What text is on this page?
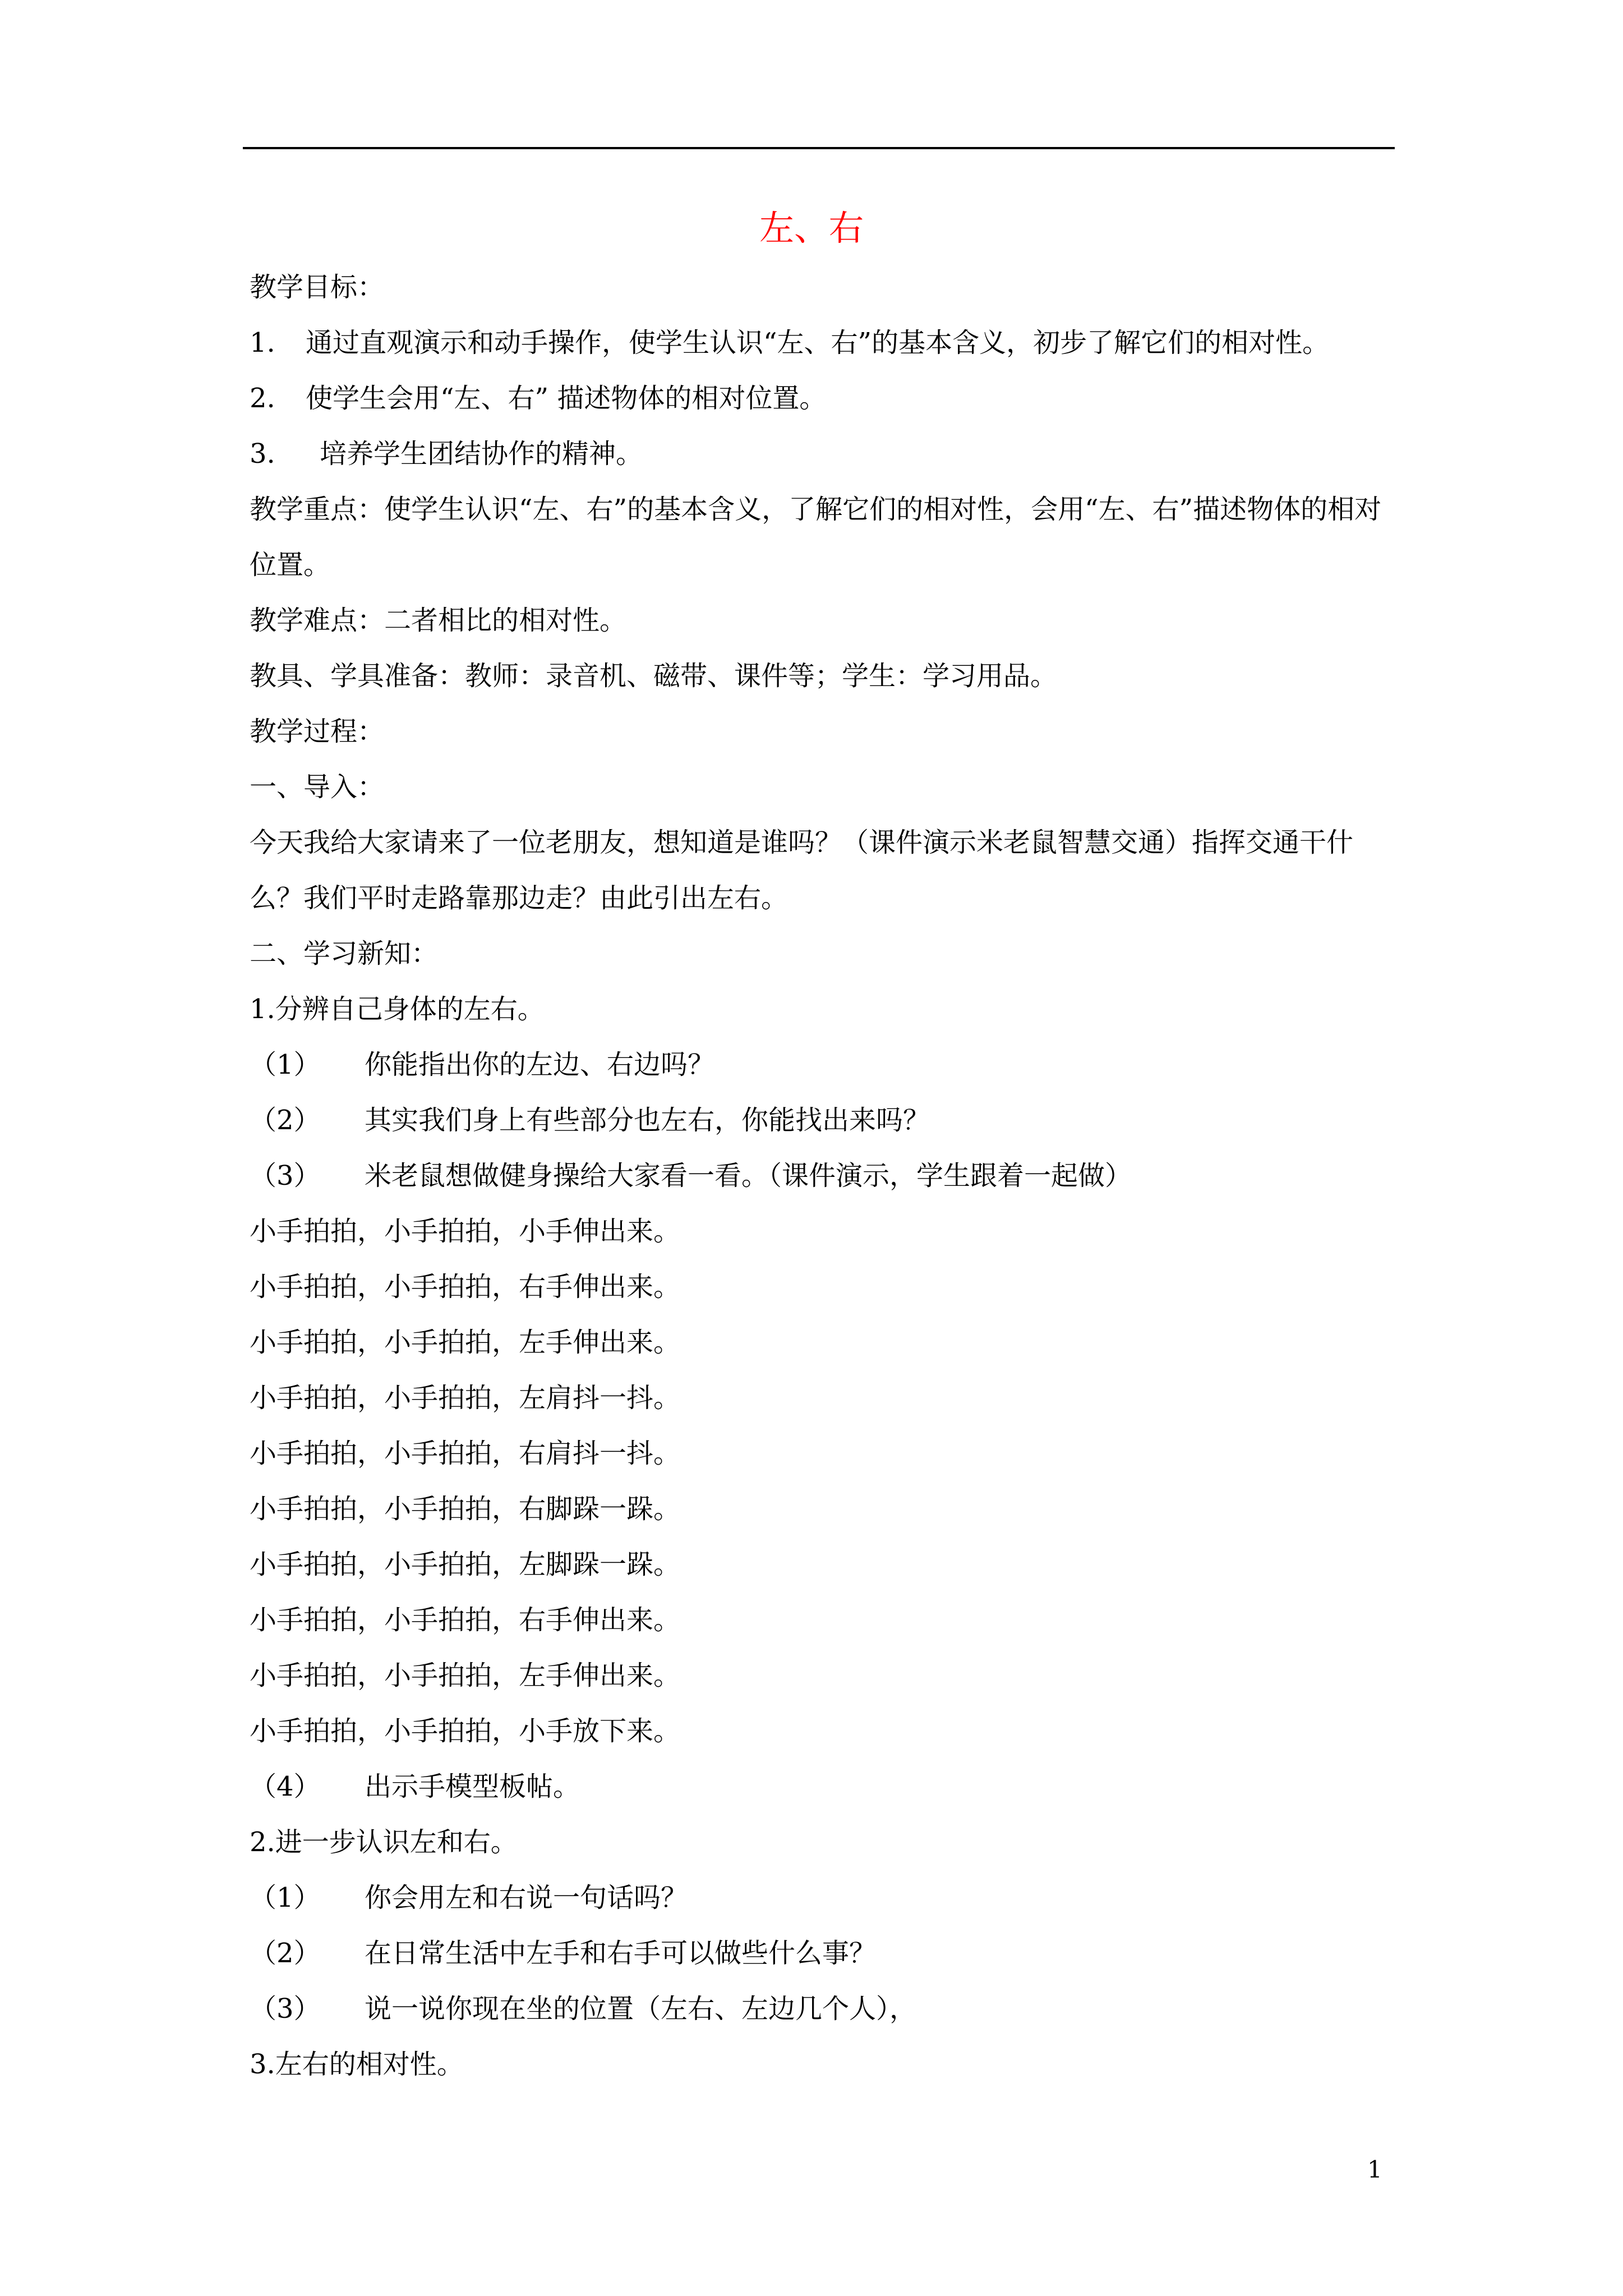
左、右
教学目标：
1. 通过直观演示和动手操作，使学生认识“左、右”的基本含义，初步了解它们的相对性。
2. 使学生会用“左、右” 描述物体的相对位置。
3. 培养学生团结协作的精神。
教学重点：使学生认识“左、右”的基本含义，了解它们的相对性，会用“左、右”描述物体的相对位置。
教学难点：二者相比的相对性。
教具、学具准备：教师：录音机、磁带、课件等；学生：学习用品。
教学过程：
一、导入：
今天我给大家请来了一位老朋友，想知道是谁吗？（课件演示米老鼠智慧交通）指挥交通干什么？我们平时走路靠那边走？由此引出左右。
二、学习新知：
1.分辨自己身体的左右。
（1） 你能指出你的左边、右边吗？
（2） 其实我们身上有些部分也左右，你能找出来吗？
（3） 米老鼠想做健身操给大家看一看。（课件演示，学生跟着一起做）
小手拍拍，小手拍拍，小手伸出来。
小手拍拍，小手拍拍，右手伸出来。
小手拍拍，小手拍拍，左手伸出来。
小手拍拍，小手拍拍，左肩抖一抖。
小手拍拍，小手拍拍，右肩抖一抖。
小手拍拍，小手拍拍，右脚跺一跺。
小手拍拍，小手拍拍，左脚跺一跺。
小手拍拍，小手拍拍，右手伸出来。
小手拍拍，小手拍拍，左手伸出来。
小手拍拍，小手拍拍，小手放下来。
（4） 出示手模型板帖。
2.进一步认识左和右。
（1） 你会用左和右说一句话吗？
（2） 在日常生活中左手和右手可以做些什么事？
（3） 说一说你现在坐的位置（左右、左边几个人），
3.左右的相对性。
1
